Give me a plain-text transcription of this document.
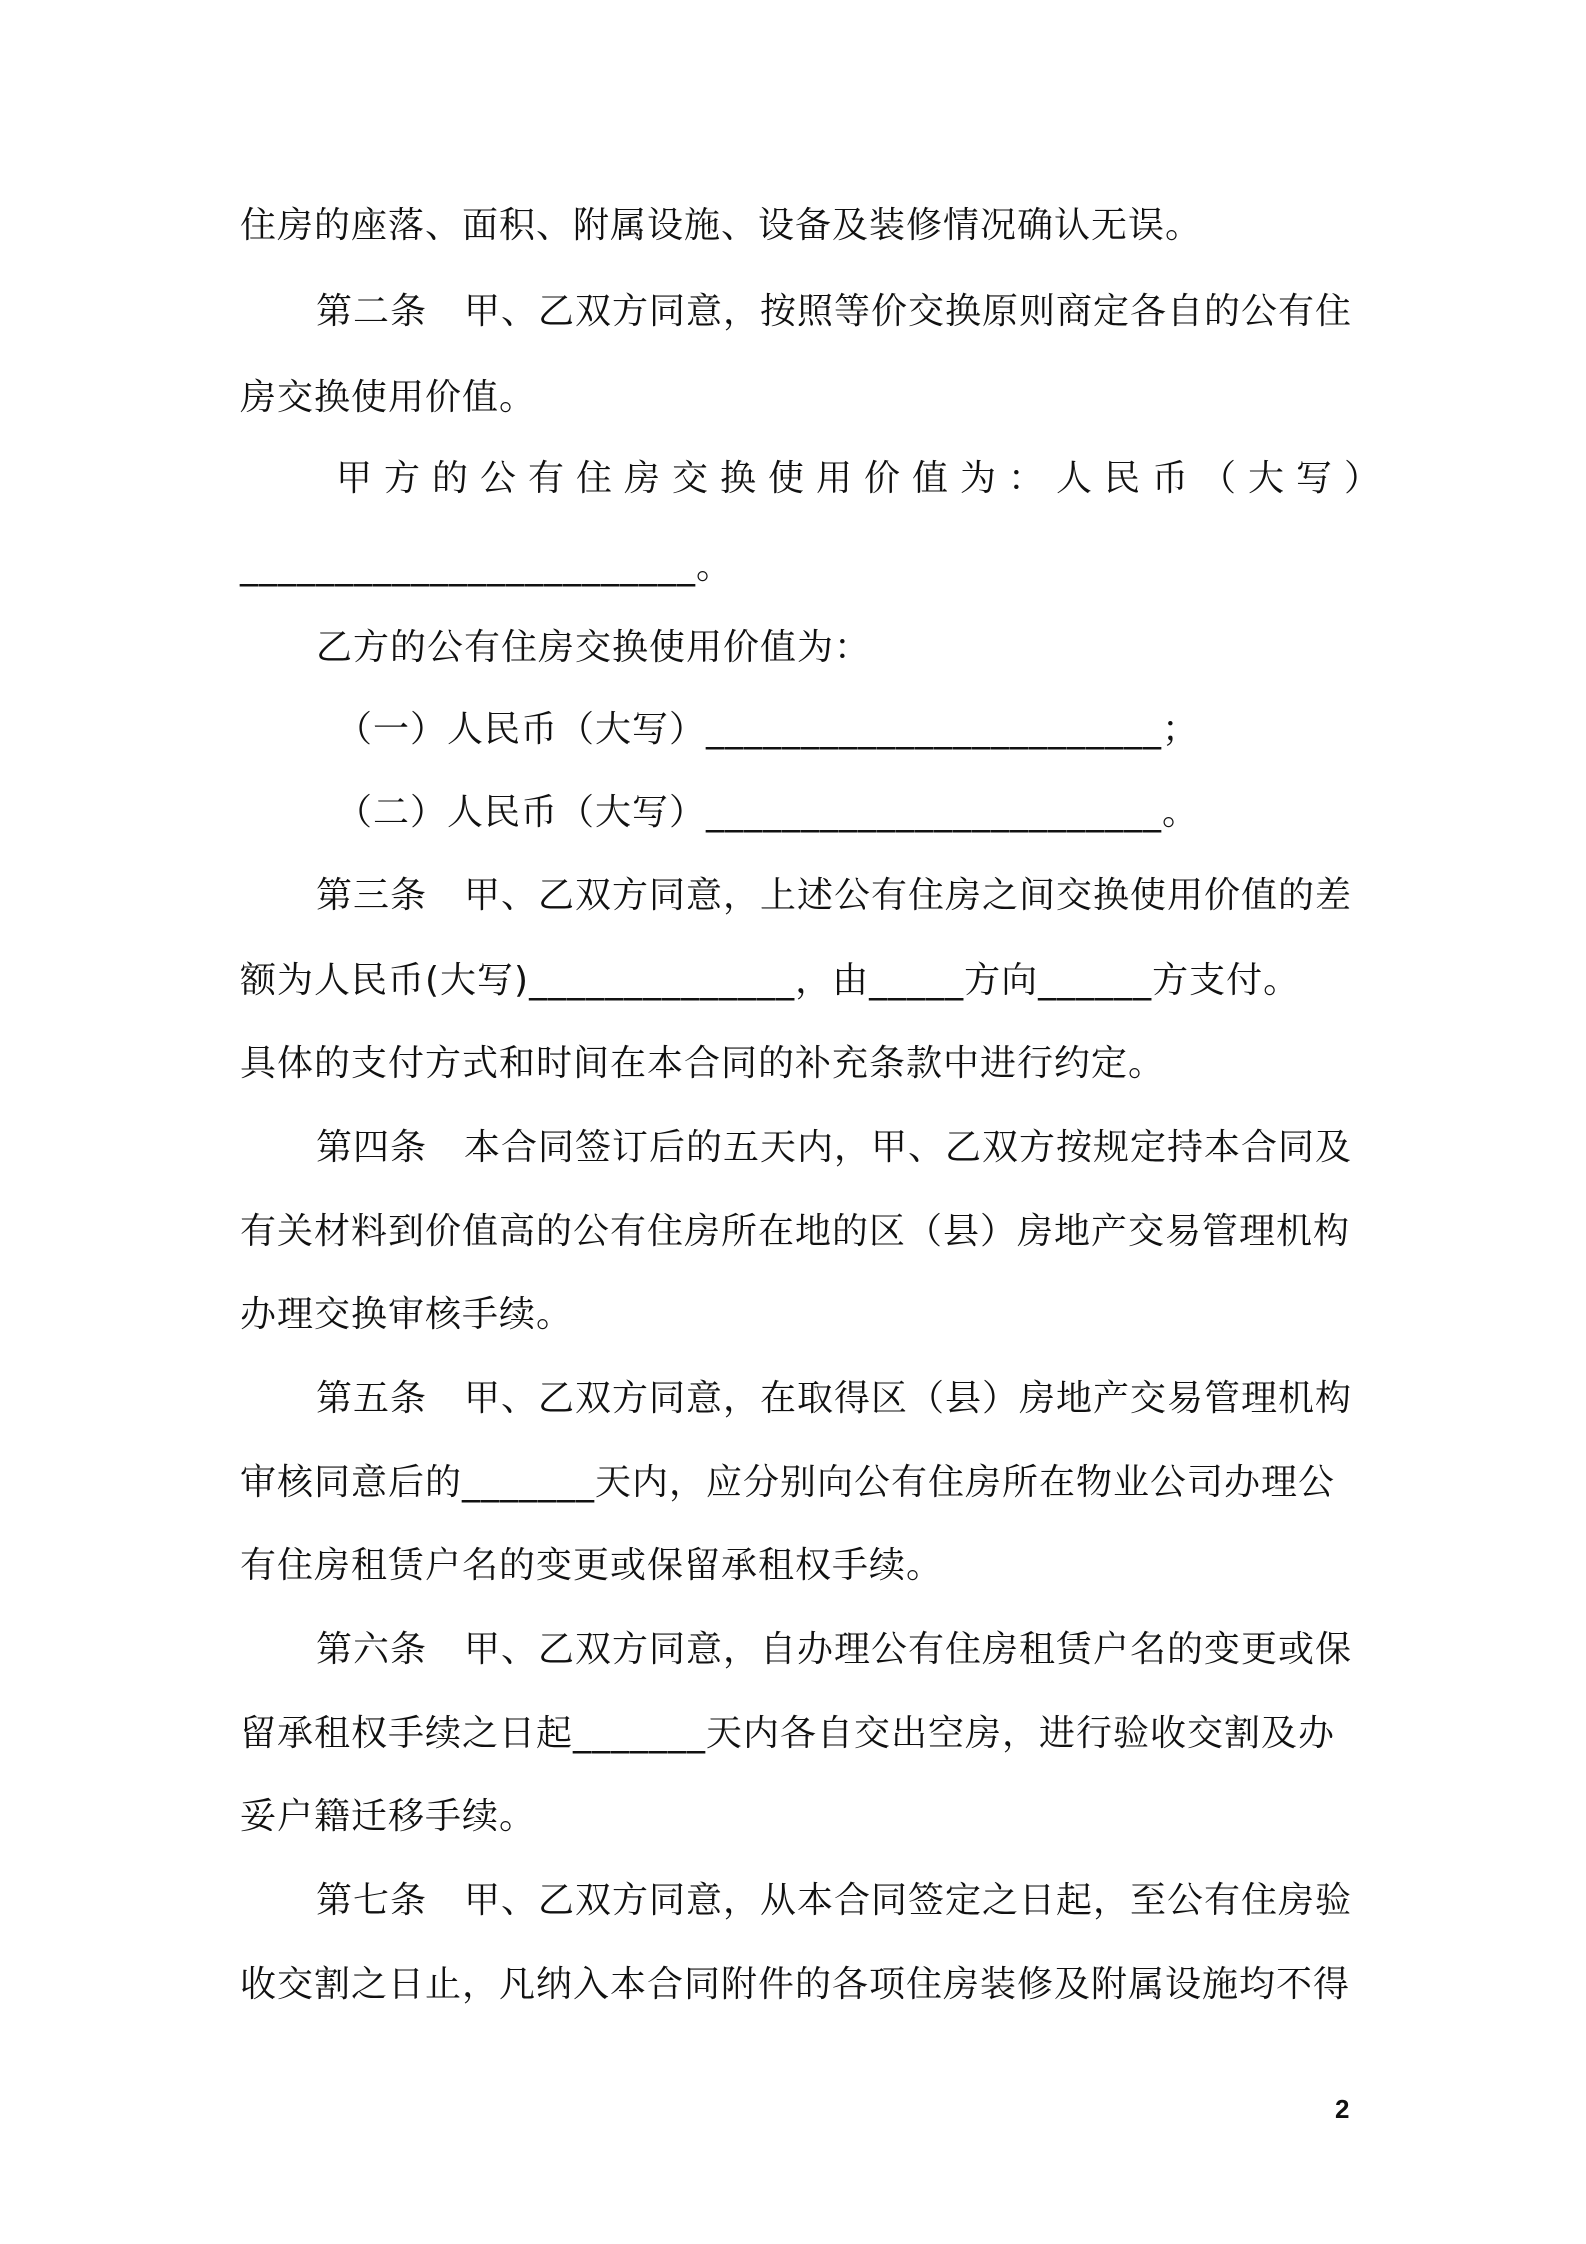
住房的座落、面积、附属设施、设备及装修情况确认无误。
第二条　甲、乙双方同意，按照等价交换原则商定各自的公有住
房交换使用价值。
甲方的公有住房交换使用价值为：人民币（大写）
________________________。
乙方的公有住房交换使用价值为：
（一）人民币（大写）________________________；
（二）人民币（大写）________________________。
第三条　甲、乙双方同意，上述公有住房之间交换使用价值的差
额为人民币(大写)______________，由_____方向______方支付。
具体的支付方式和时间在本合同的补充条款中进行约定。
第四条　本合同签订后的五天内，甲、乙双方按规定持本合同及
有关材料到价值高的公有住房所在地的区（县）房地产交易管理机构
办理交换审核手续。
第五条　甲、乙双方同意，在取得区（县）房地产交易管理机构
审核同意后的_______天内，应分别向公有住房所在物业公司办理公
有住房租赁户名的变更或保留承租权手续。
第六条　甲、乙双方同意，自办理公有住房租赁户名的变更或保
留承租权手续之日起_______天内各自交出空房，进行验收交割及办
妥户籍迁移手续。
第七条　甲、乙双方同意，从本合同签定之日起，至公有住房验
收交割之日止，凡纳入本合同附件的各项住房装修及附属设施均不得
2
